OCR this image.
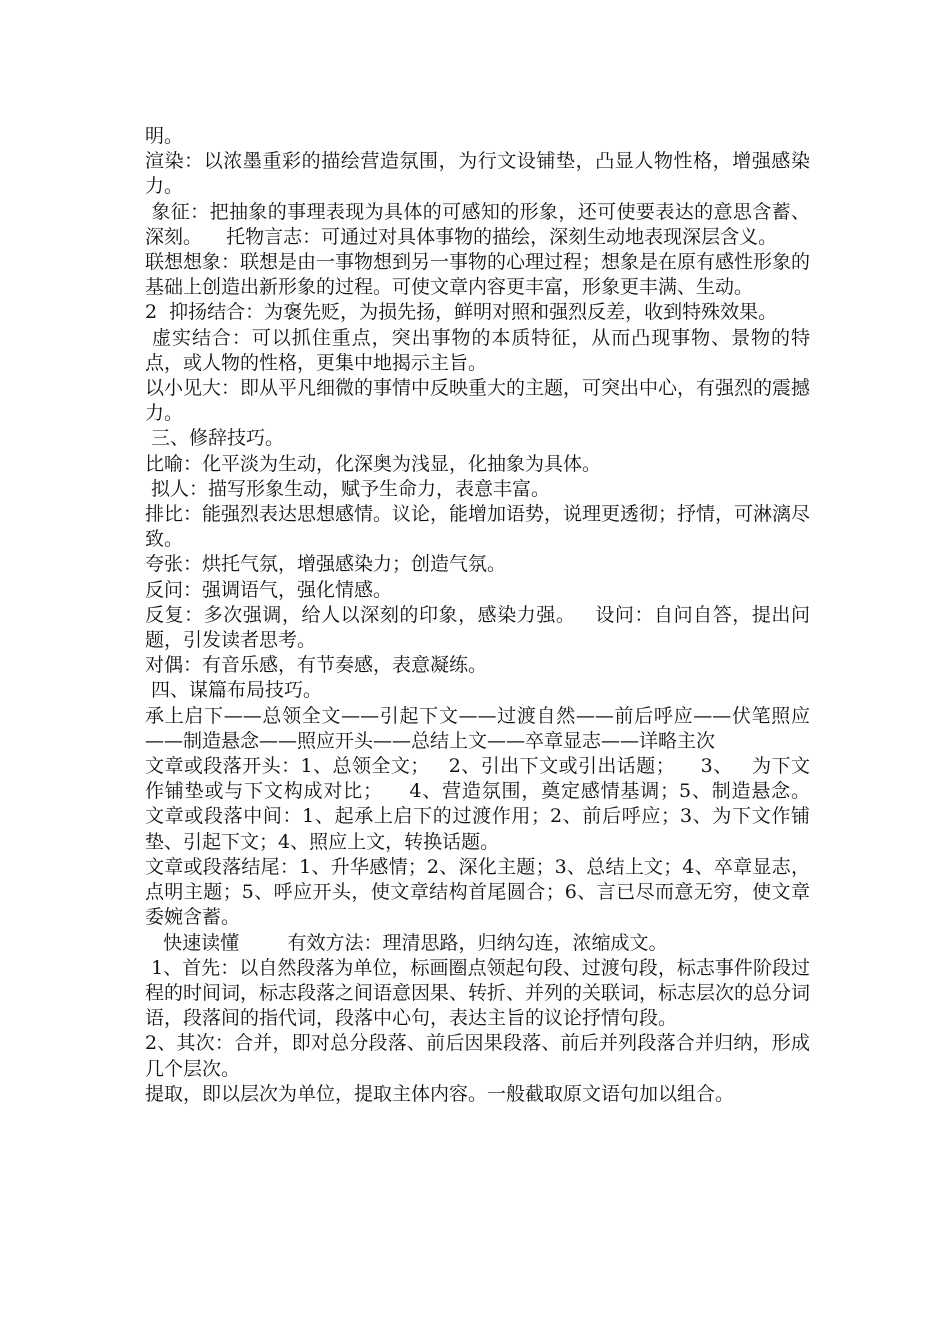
明。

渲染：以浓墨重彩的描绘营造氛围，为行文设铺垫，凸显人物性格，增强感染力。

象征：把抽象的事理表现为具体的可感知的形象，还可使要表达的意思含蓄、深刻。    托物言志：可通过对具体事物的描绘，深刻生动地表现深层含义。

联想想象：联想是由一事物想到另一事物的心理过程；想象是在原有感性形象的基础上创造出新形象的过程。可使文章内容更丰富，形象更丰满、生动。

2  抑扬结合：为褒先贬，为损先扬，鲜明对照和强烈反差，收到特殊效果。

虚实结合：可以抓住重点，突出事物的本质特征，从而凸现事物、景物的特点，或人物的性格，更集中地揭示主旨。

以小见大：即从平凡细微的事情中反映重大的主题，可突出中心，有强烈的震撼力。

三、修辞技巧。

比喻：化平淡为生动，化深奥为浅显，化抽象为具体。

拟人：描写形象生动，赋予生命力，表意丰富。

排比：能强烈表达思想感情。议论，能增加语势，说理更透彻；抒情，可淋漓尽致。

夸张：烘托气氛，增强感染力；创造气氛。

反问：强调语气，强化情感。

反复：多次强调，给人以深刻的印象，感染力强。   设问：自问自答，提出问题，引发读者思考。

对偶：有音乐感，有节奏感，表意凝练。

四、谋篇布局技巧。

承上启下——总领全文——引起下文——过渡自然——前后呼应——伏笔照应——制造悬念——照应开头——总结上文——卒章显志——详略主次

文章或段落开头：1、总领全文；   2、引出下文或引出话题；    3、   为下文作铺垫或与下文构成对比；    4、营造氛围，奠定感情基调；5、制造悬念。        文章或段落中间：1、起承上启下的过渡作用；2、前后呼应；3、为下文作铺垫、引起下文；4、照应上文，转换话题。

文章或段落结尾：1、升华感情；2、深化主题；3、总结上文；4、卒章显志，点明主题；5、呼应开头，使文章结构首尾圆合；6、言已尽而意无穷，使文章委婉含蓄。

快速读懂        有效方法：理清思路，归纳勾连，浓缩成文。

1、首先：以自然段落为单位，标画圈点领起句段、过渡句段，标志事件阶段过程的时间词，标志段落之间语意因果、转折、并列的关联词，标志层次的总分词语，段落间的指代词，段落中心句，表达主旨的议论抒情句段。

2、其次：合并，即对总分段落、前后因果段落、前后并列段落合并归纳，形成几个层次。

提取，即以层次为单位，提取主体内容。一般截取原文语句加以组合。
